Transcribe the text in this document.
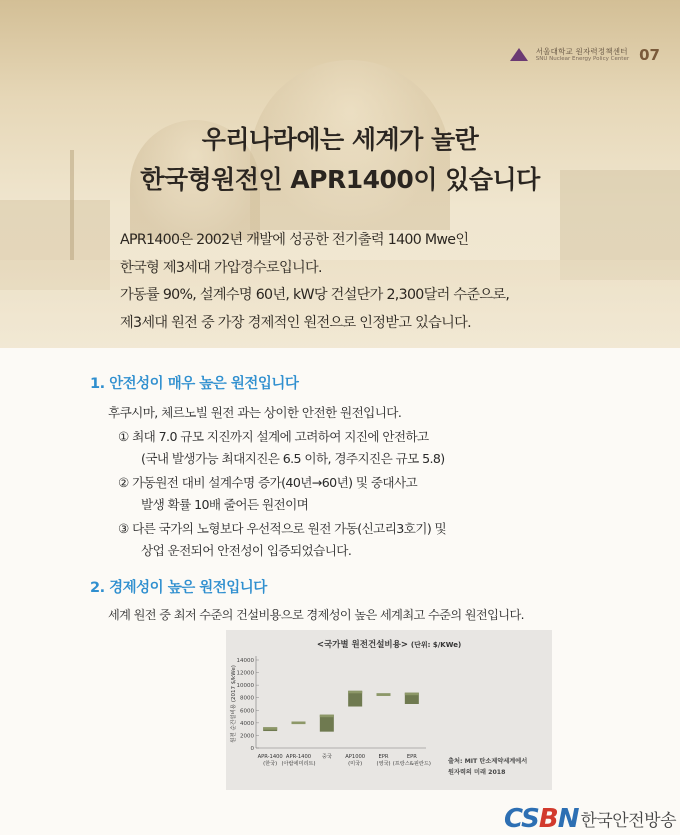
서울대학교 원자력정책센터
SNU Nuclear Energy Policy Center 07
우리나라에는 세계가 놀란
한국형원전인 APR1400이 있습니다
APR1400은 2002년 개발에 성공한 전기출력 1400 Mwe인
한국형 제3세대 가압경수로입니다.
가동률 90%, 설계수명 60년, kW당 건설단가 2,300달러 수준으로,
제3세대 원전 중 가장 경제적인 원전으로 인정받고 있습니다.
1. 안전성이 매우 높은 원전입니다
후쿠시마, 체르노빌 원전 과는 상이한 안전한 원전입니다.
① 최대 7.0 규모 지진까지 설계에 고려하여 지진에 안전하고
(국내 발생가능 최대지진은 6.5 이하, 경주지진은 규모 5.8)
② 가동원전 대비 설계수명 증가(40년→60년) 및 중대사고
발생 확률 10배 줄어든 원전이며
③ 다른 국가의 노형보다 우선적으로 원전 가동(신고리3호기) 및
상업 운전되어 안전성이 입증되었습니다.
2. 경제성이 높은 원전입니다
세계 원전 중 최저 수준의 건설비용으로 경제성이 높은 세계최고 수준의 원전입니다.
<국가별 원전건설비용> (단위: $/KWe)
원전 순건설비용 (2017 $/kWe)
0
2000
4000
6000
8000
10000
12000
14000
APR-1400
(한국)
APR-1400
(아랍에미리트)
중국	AP1000
(미국)
EPR
(영국)
EPR
(프랑스&핀란드)	출처: MIT 탄소제약세계에서
원자력의 미래 2018
CSBN 한국안전방송
